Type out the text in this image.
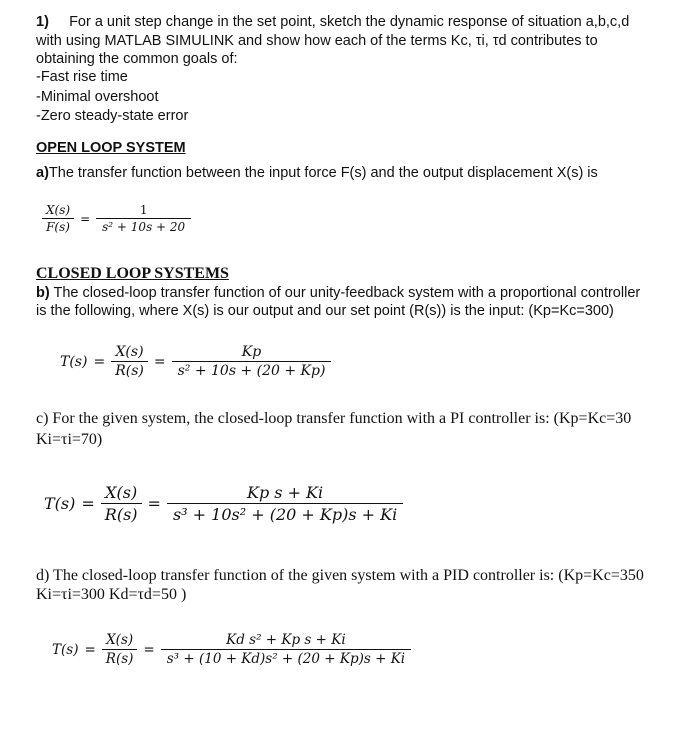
1) For a unit step change in the set point, sketch the dynamic response of situation a,b,c,d
with using MATLAB SIMULINK and show how each of the terms Kc, τi, τd contributes to
obtaining the common goals of:
-Fast rise time
-Minimal overshoot
-Zero steady-state error
OPEN LOOP SYSTEM
a)The transfer function between the input force F(s) and the output displacement X(s) is
$\frac{X(s)}{F(s)} = \frac{1}{\text{s² + 10s + 20}}$
CLOSED LOOP SYSTEMS
b) The closed-loop transfer function of our unity-feedback system with a proportional controller
is the following, where X(s) is our output and our set point (R(s)) is the input: (Kp=Kc=300)
$T(s) = \frac{X(s)}{R(s)} = \frac{Kp}{\text{s² + 10s + (20 + Kp)}}$
c) For the given system, the closed-loop transfer function with a PI controller is: (Kp=Kc=30
Ki=τi=70)
$T(s) = \frac{X(s)}{R(s)} = \frac{\text{Kp s + Ki}}{\text{s³ + 10s² + (20 + Kp)s + Ki}}$
d) The closed-loop transfer function of the given system with a PID controller is: (Kp=Kc=350
Ki=τi=300 Kd=τd=50 )
$T(s) = \frac{X(s)}{R(s)} = \frac{\text{Kd s² + Kp s + Ki}}{\text{s³ + (10 + Kd)s² + (20 + Kp)s + Ki}}$
